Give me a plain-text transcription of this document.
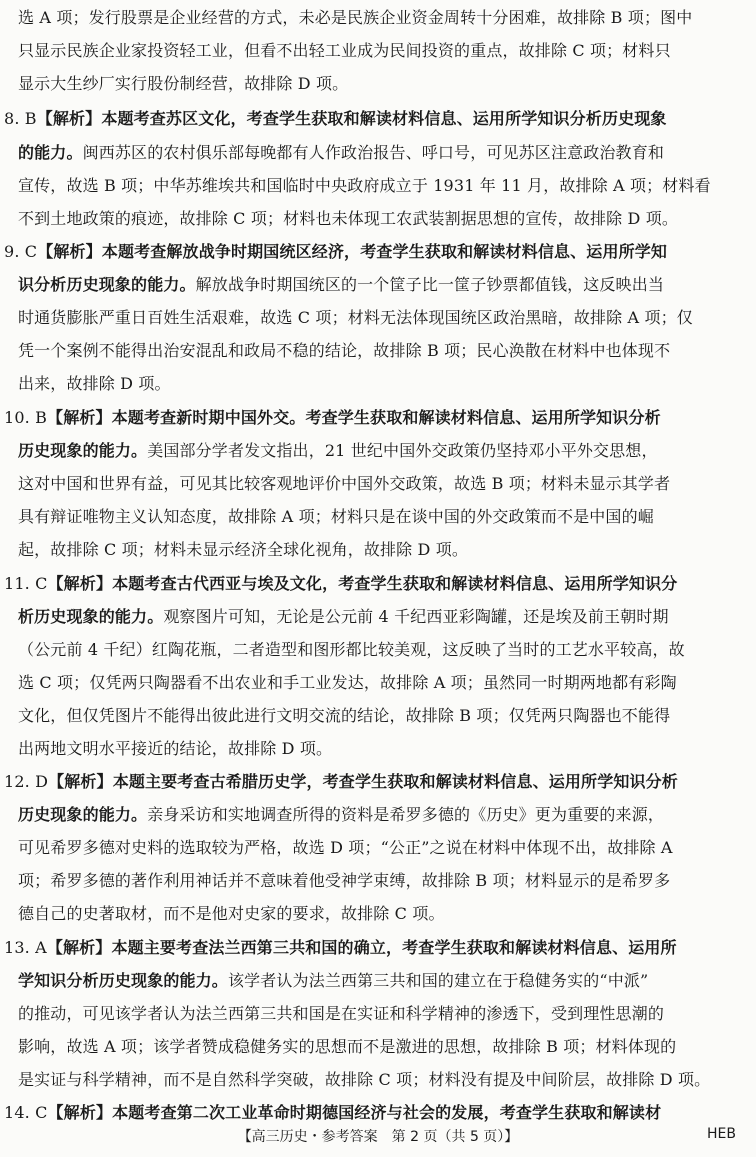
选 A 项；发行股票是企业经营的方式，未必是民族企业资金周转十分困难，故排除 B 项；图中
只显示民族企业家投资轻工业，但看不出轻工业成为民间投资的重点，故排除 C 项；材料只
显示大生纱厂实行股份制经营，故排除 D 项。
8. B【解析】本题考查苏区文化，考查学生获取和解读材料信息、运用所学知识分析历史现象
的能力。闽西苏区的农村俱乐部每晚都有人作政治报告、呼口号，可见苏区注意政治教育和
宣传，故选 B 项；中华苏维埃共和国临时中央政府成立于 1931 年 11 月，故排除 A 项；材料看
不到土地政策的痕迹，故排除 C 项；材料也未体现工农武装割据思想的宣传，故排除 D 项。
9. C【解析】本题考查解放战争时期国统区经济，考查学生获取和解读材料信息、运用所学知
识分析历史现象的能力。解放战争时期国统区的一个筐子比一筐子钞票都值钱，这反映出当
时通货膨胀严重日百姓生活艰难，故选 C 项；材料无法体现国统区政治黑暗，故排除 A 项；仅
凭一个案例不能得出治安混乱和政局不稳的结论，故排除 B 项；民心涣散在材料中也体现不
出来，故排除 D 项。
10. B【解析】本题考查新时期中国外交。考查学生获取和解读材料信息、运用所学知识分析
历史现象的能力。美国部分学者发文指出，21 世纪中国外交政策仍坚持邓小平外交思想，
这对中国和世界有益，可见其比较客观地评价中国外交政策，故选 B 项；材料未显示其学者
具有辩证唯物主义认知态度，故排除 A 项；材料只是在谈中国的外交政策而不是中国的崛
起，故排除 C 项；材料未显示经济全球化视角，故排除 D 项。
11. C【解析】本题考查古代西亚与埃及文化，考查学生获取和解读材料信息、运用所学知识分
析历史现象的能力。观察图片可知，无论是公元前 4 千纪西亚彩陶罐，还是埃及前王朝时期
（公元前 4 千纪）红陶花瓶，二者造型和图形都比较美观，这反映了当时的工艺水平较高，故
选 C 项；仅凭两只陶器看不出农业和手工业发达，故排除 A 项；虽然同一时期两地都有彩陶
文化，但仅凭图片不能得出彼此进行文明交流的结论，故排除 B 项；仅凭两只陶器也不能得
出两地文明水平接近的结论，故排除 D 项。
12. D【解析】本题主要考查古希腊历史学，考查学生获取和解读材料信息、运用所学知识分析
历史现象的能力。亲身采访和实地调查所得的资料是希罗多德的《历史》更为重要的来源，
可见希罗多德对史料的选取较为严格，故选 D 项；“公正”之说在材料中体现不出，故排除 A
项；希罗多德的著作利用神话并不意味着他受神学束缚，故排除 B 项；材料显示的是希罗多
德自己的史著取材，而不是他对史家的要求，故排除 C 项。
13. A【解析】本题主要考查法兰西第三共和国的确立，考查学生获取和解读材料信息、运用所
学知识分析历史现象的能力。该学者认为法兰西第三共和国的建立在于稳健务实的“中派”
的推动，可见该学者认为法兰西第三共和国是在实证和科学精神的渗透下，受到理性思潮的
影响，故选 A 项；该学者赞成稳健务实的思想而不是激进的思想，故排除 B 项；材料体现的
是实证与科学精神，而不是自然科学突破，故排除 C 项；材料没有提及中间阶层，故排除 D 项。
14. C【解析】本题考查第二次工业革命时期德国经济与社会的发展，考查学生获取和解读材
【高三历史・参考答案　第 2 页（共 5 页）】	HEB
